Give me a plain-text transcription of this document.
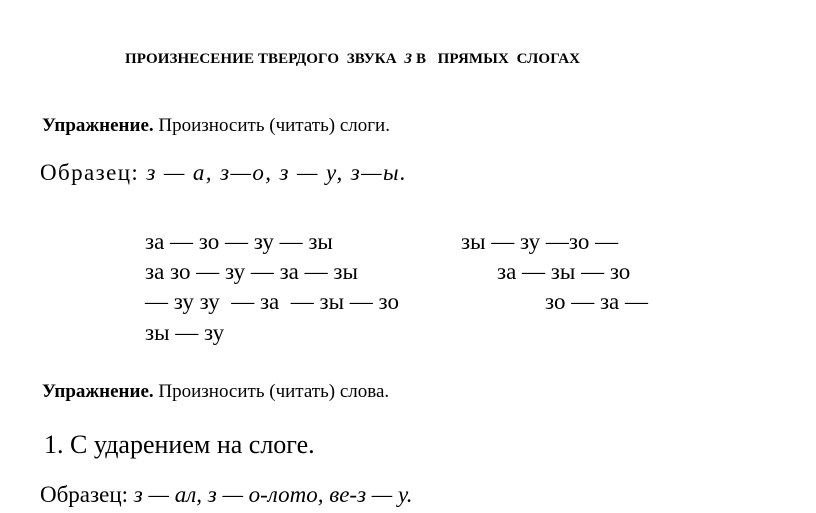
ПРОИЗНЕСЕНИЕ ТВЕРДОГО  ЗВУКА  З В   ПРЯМЫХ  СЛОГАХ
Упражнение. Произносить (читать) слоги.
Образец: з — а, з—о, з — у, з—ы.
за — зо — зу — зы	зы — зу —зо —
за зо — зу — за — зы	за — зы — зо
— зу зу  — за  — зы — зо	зо — за —
зы — зу
Упражнение. Произносить (читать) слова.
1. С ударением на слоге.
Образец: з — ал, з — о-лото, ве-з — у.
